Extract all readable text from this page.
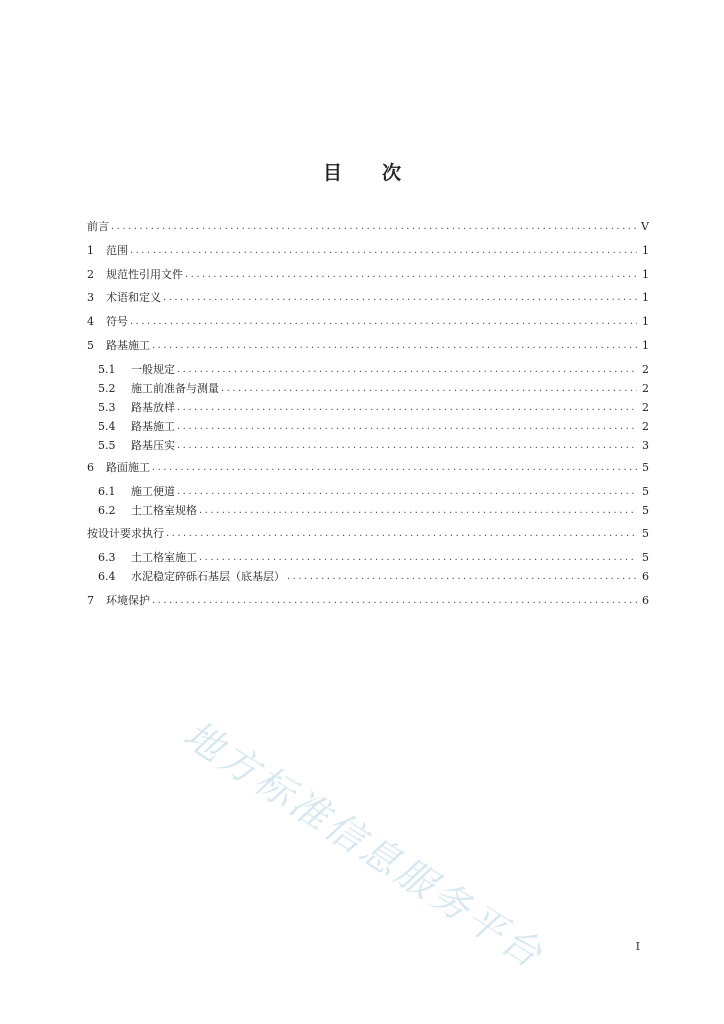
目 次
前言 .....	V
1	范围 .....	1
2	规范性引用文件 .....	1
3	术语和定义 .....	1
4	符号 .....	1
5	路基施工 .....	1
5.1	一般规定 .....	2
5.2	施工前准备与测量 .....	2
5.3	路基放样 .....	2
5.4	路基施工 .....	2
5.5	路基压实 .....	3
6	路面施工 .....	5
6.1	施工便道 .....	5
6.2	土工格室规格 .....	5
按设计要求执行 .....	5
6.3	土工格室施工 .....	5
6.4	水泥稳定碎砾石基层（底基层） .....	6
7	环境保护 .....	6
地方标准信息服务平台	I
